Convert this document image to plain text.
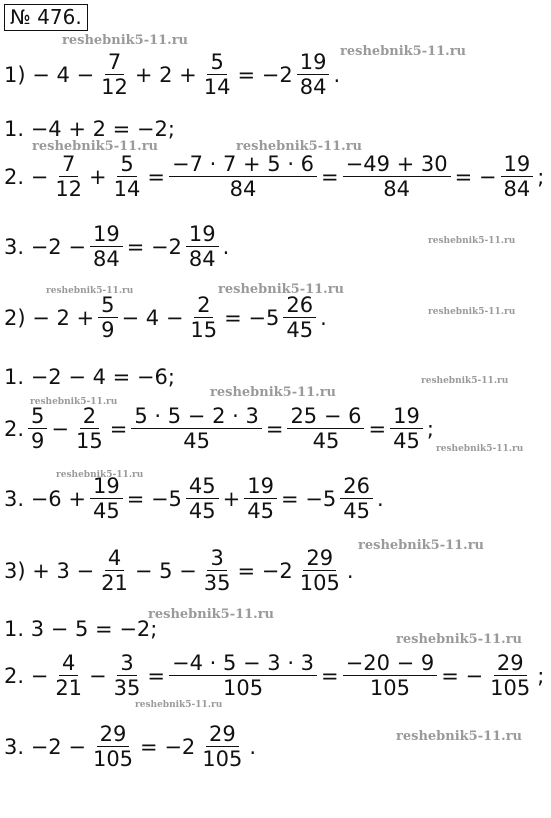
№ 476.
reshebnik5-11.ru
reshebnik5-11.ru
reshebnik5-11.ru	reshebnik5-11.ru
reshebnik5-11.ru
reshebnik5-11.ru	reshebnik5-11.ru
reshebnik5-11.ru
reshebnik5-11.ru
reshebnik5-11.ru
reshebnik5-11.ru
reshebnik5-11.ru
reshebnik5-11.ru
reshebnik5-11.ru
reshebnik5-11.ru
reshebnik5-11.ru
reshebnik5-11.ru
reshebnik5-11.ru
$1) - 4 - \frac{7}{12} + 2 + \frac{5}{14} = -2 \frac{19}{84}$ .
1. −4 + 2 = −2;
2. − $\frac{7}{12} + \frac{5}{14} = \frac{-7 \cdot 7 + 5 \cdot 6}{84} = \frac{-49 + 30}{84}$ = − $\frac{19}{84}$ ;
3. $-2 - \frac{19}{84} = -2 \frac{19}{84}$ .
$2) - 2 + \frac{5}{9} - 4 - \frac{2}{15} = -5 \frac{26}{45}$ .
1. −2 − 4 = −6;
2. $\frac{5}{9} - \frac{2}{15} = \frac{5 \cdot 5 - 2 \cdot 3}{45} = \frac{25 - 6}{45} = \frac{19}{45}$ ;
3. $-6 + \frac{19}{45} = -5 \frac{45}{45} + \frac{19}{45} = -5 \frac{26}{45}$ .
$3) + 3 - \frac{4}{21} - 5 - \frac{3}{35} = -2 \frac{29}{105}$ .
1. 3 − 5 = −2;
2. − $\frac{4}{21} - \frac{3}{35} = \frac{-4 \cdot 5 - 3 \cdot 3}{105} = \frac{-20 - 9}{105}$ = − $\frac{29}{105}$ ;
3. $-2 - \frac{29}{105} = -2 \frac{29}{105}$ .
